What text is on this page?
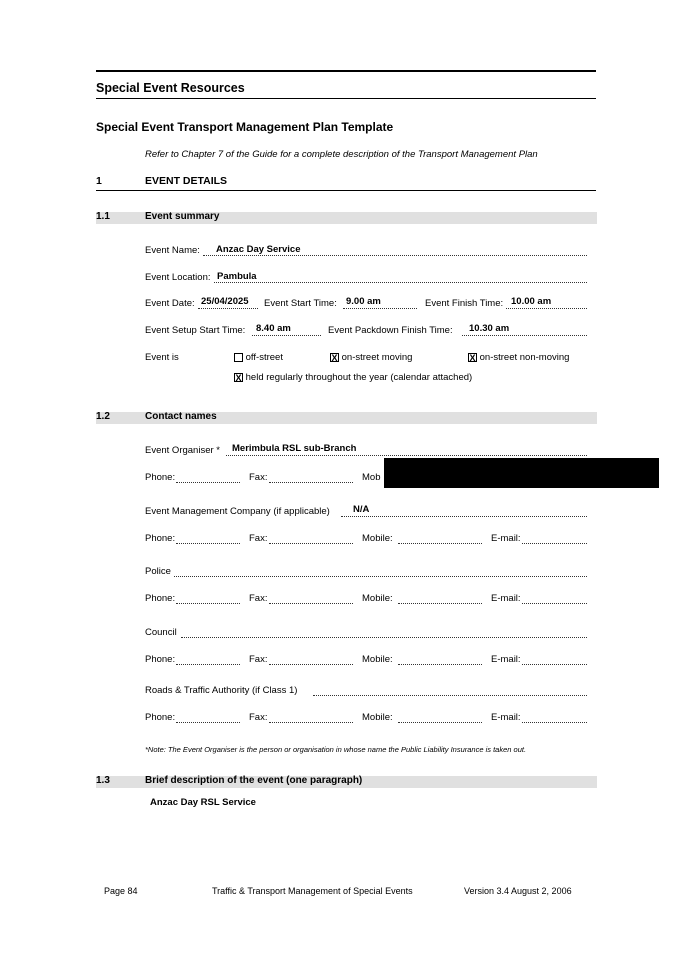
Special Event Resources
Special Event Transport Management Plan Template
Refer to Chapter 7 of the Guide for a complete description of the Transport Management Plan
1	EVENT DETAILS
1.1	Event summary
Event Name: Anzac Day Service
Event Location: Pambula
Event Date: 25/04/2025 Event Start Time: 9.00 am	Event Finish Time: 10.00 am
Event Setup Start Time: 8.40 am	Event Packdown Finish Time: 10.30 am
Event is	off-street	X on-street moving	X on-street non-moving
X held regularly throughout the year (calendar attached)
1.2	Contact names
Event Organiser * Merimbula RSL sub-Branch
Phone:	Fax:	Mob
Event Management Company (if applicable) N/A
Phone:	Fax:	Mobile:	E-mail:
Police
Phone:	Fax:	Mobile:	E-mail:
Council
Phone:	Fax:	Mobile:	E-mail:
Roads & Traffic Authority (if Class 1)
Phone:	Fax:	Mobile:	E-mail:
*Note: The Event Organiser is the person or organisation in whose name the Public Liability Insurance is taken out.
1.3	Brief description of the event (one paragraph)
Anzac Day RSL Service
Page 84	Traffic & Transport Management of Special Events	Version 3.4 August 2, 2006
